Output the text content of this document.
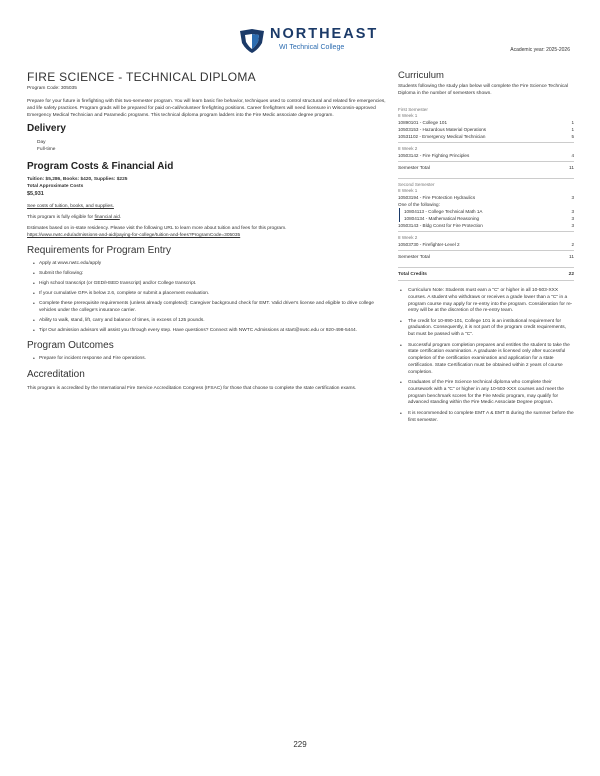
NORTHEAST
WI Technical College	Academic year: 2025-2026
FIRE SCIENCE - TECHNICAL DIPLOMA
Program Code: 305035
Prepare for your future in firefighting with this two-semester program. You will learn basic fire behavior, techniques used to control structural and related fire emergencies, and life safety practices. Program grads will be prepared for paid on-call/volunteer firefighting positions. Career firefighters will need licensure in Wisconsin-approved Emergency Medical Technician and Paramedic programs. This technical diploma program ladders into the Fire Medic associate degree program.
Delivery
Day
Full-time
Program Costs & Financial Aid
Tuition: $5,286, Books: $420, Supplies: $225
Total Approximate Costs
$5,931
See costs of tuition, books, and supplies.
This program is fully eligible for financial aid.
Estimates based on in-state residency. Please visit the following URL to learn more about tuition and fees for this program.
https://www.nwtc.edu/admissions-and-aid/paying-for-college/tuition-and-fees?ProgramCode=305035
Requirements for Program Entry
• Apply at www.nwtc.edu/apply
• Submit the following:
• High school transcript (or GED/HSED transcript) and/or College transcript.
• If your cumulative GPA is below 2.6, complete or submit a placement evaluation.
• Complete these prerequisite requirements (unless already completed): Caregiver background check for EMT. Valid driver's license and eligible to drive college vehicles under the college's insurance carrier.
• Ability to walk, stand, lift, carry and balance of times, in excess of 125 pounds.
• Tip! Our admission advisors will assist you through every step. Have questions? Connect with NWTC Admissions at start@nwtc.edu or 920-498-5444.
Program Outcomes
• Prepare for incident response and Fire operations.
Accreditation
This program is accredited by the International Fire Service Accreditation Congress (IFSAC) for those that choose to complete the state certification exams.
Curriculum
Students following the study plan below will complete the Fire Science Technical Diploma in the number of semesters shown.
First Semester
8 Week 1
10890101 - College 101	1
10503153 - Hazardous Material Operations	1
10531102 - Emergency Medical Technician	5
8 Week 2
10503142 - Fire Fighting Principles	4
Semester Total	11
Second Semester
8 Week 1
10503194 - Fire Protection Hydraulics	3
One of the following:
10804113 - College Technical Math 1A	3
10804134 - Mathematical Reasoning	3
10503143 - Bldg Const for Fire Protection	3
8 Week 2
10503730 - Firefighter-Level 2	2
Semester Total	11
Total Credits	22
• Curriculum Note: Students must earn a "C" or higher in all 10-503-XXX courses. A student who withdraws or receives a grade lower than a "C" in a program course may apply for re-entry into the program. Consideration for re-entry will be at the discretion of the re-entry team.
• The credit for 10-890-101, College 101 is an institutional requirement for graduation. Consequently, it is not part of the program credit requirements, but must be passed with a "C".
• Successful program completion prepares and entitles the student to take the state certification examination. A graduate is licensed only after successful completion of the certification examination and application for a state certification. State Certification must be obtained within 2 years of course completion.
• Graduates of the Fire Science technical diploma who complete their coursework with a "C" or higher in any 10-503-XXX courses and meet the program benchmark scores for the Fire Medic program, may qualify for advanced standing within the Fire Medic Associate Degree program.
• It is recommended to complete EMT A & EMT B during the summer before the first semester.
229
